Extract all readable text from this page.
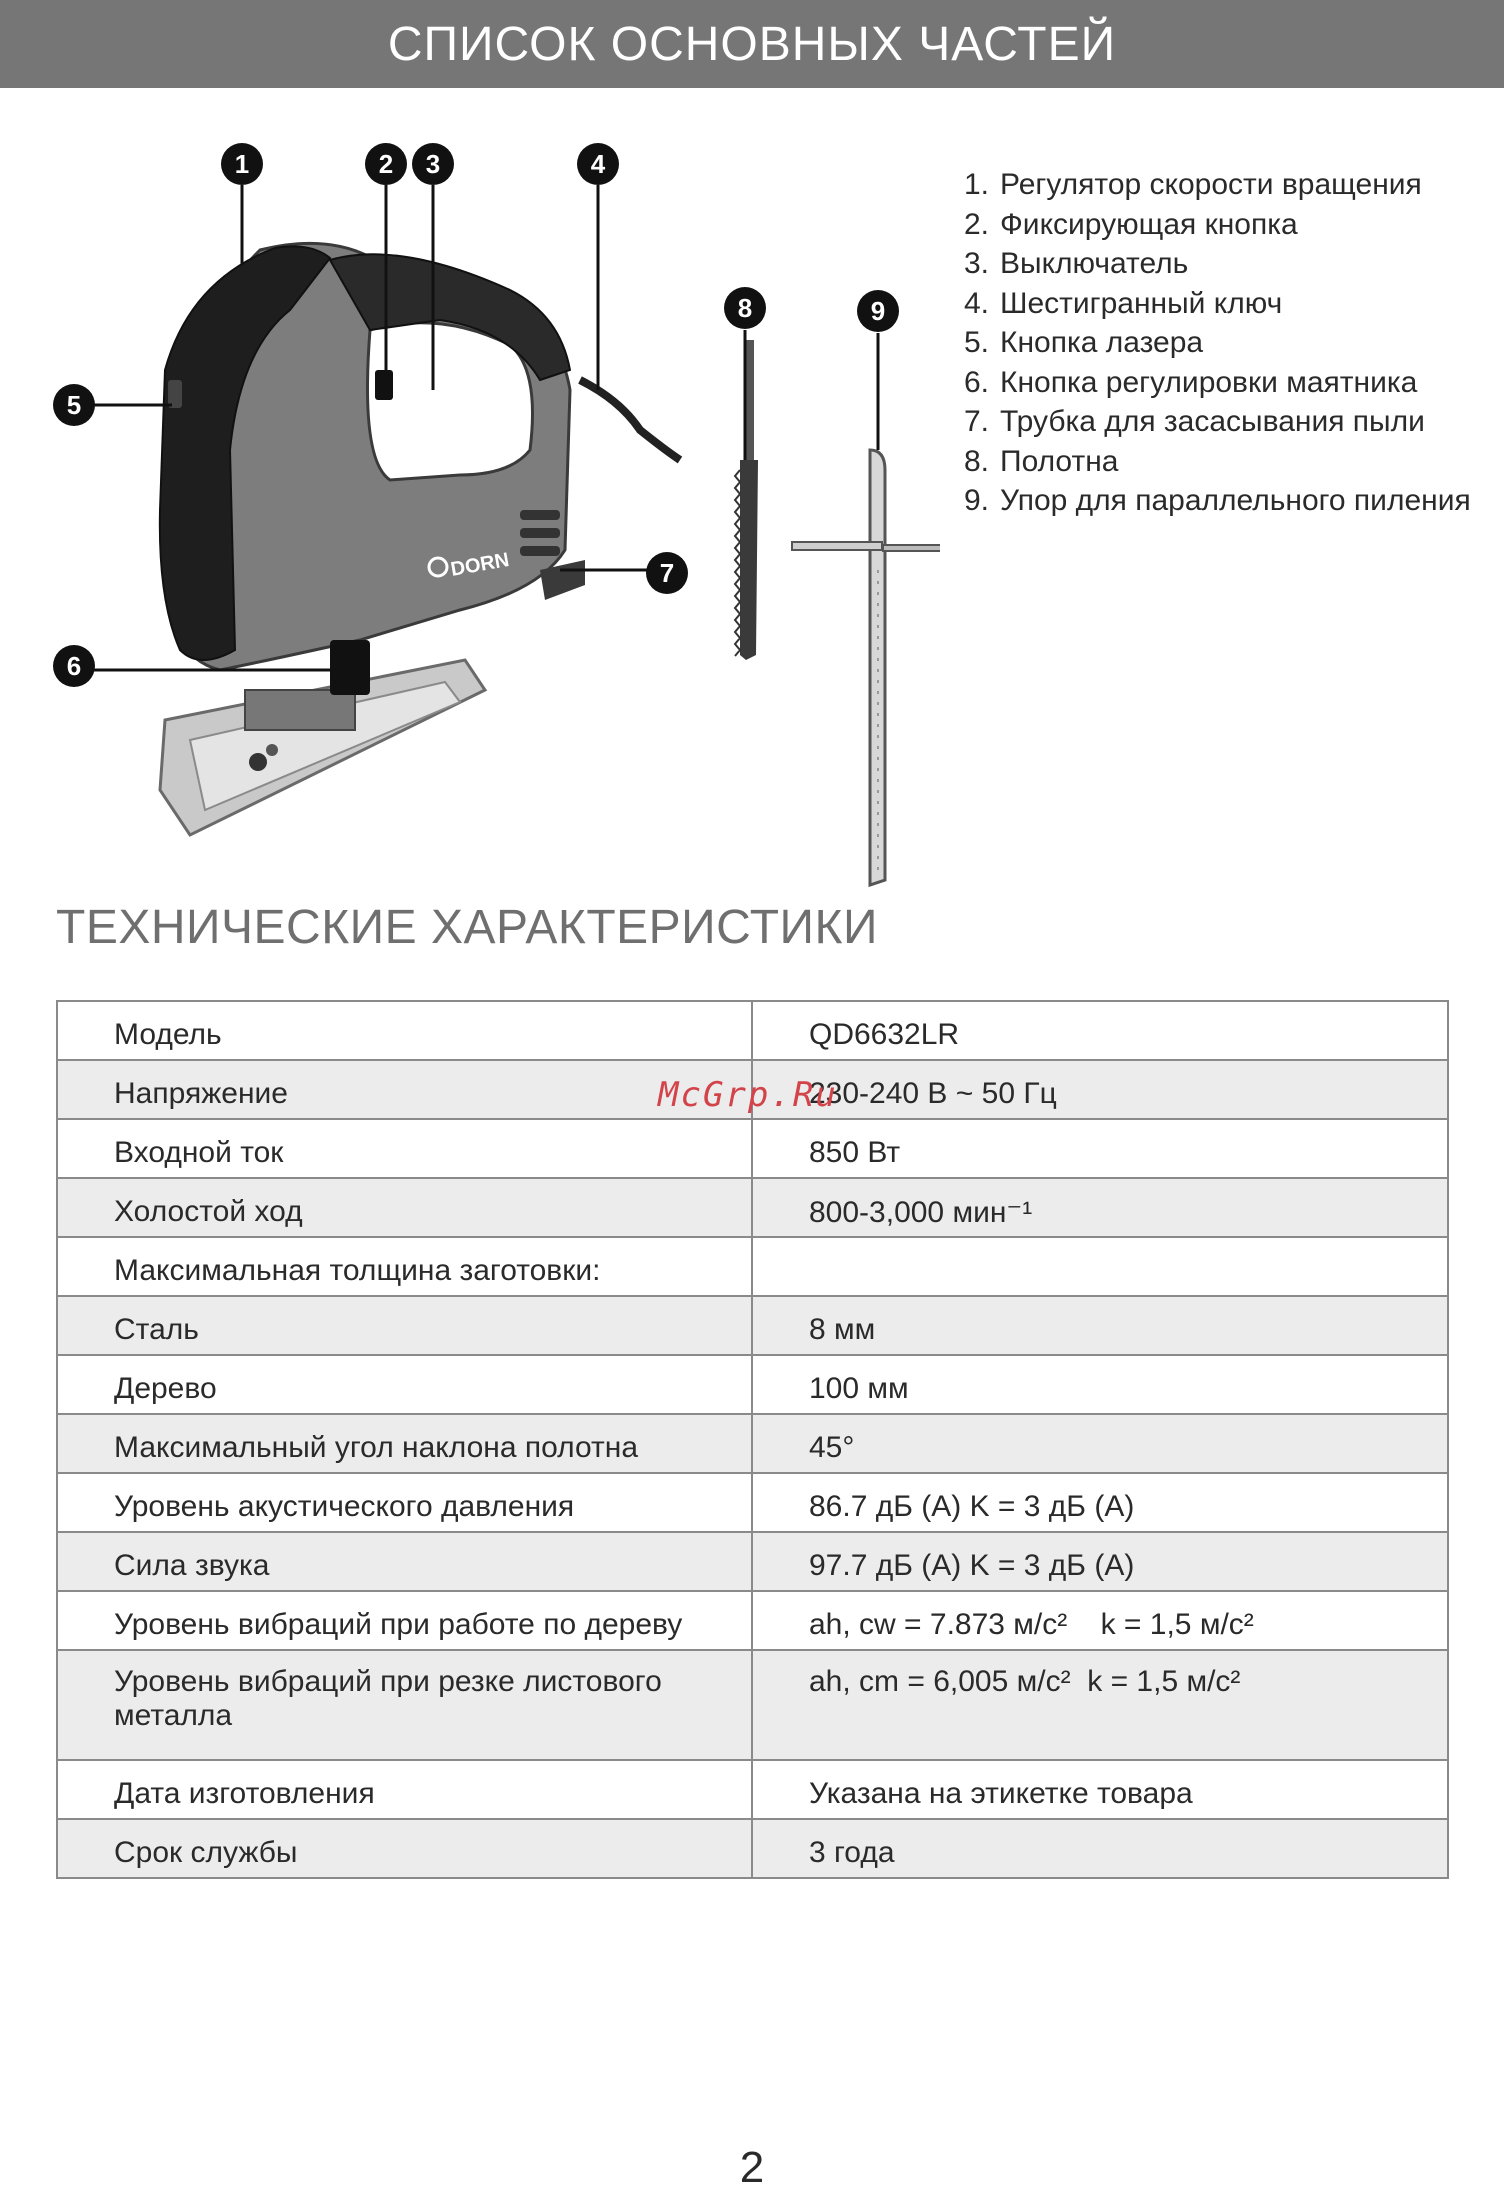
СПИСОК ОСНОВНЫХ ЧАСТЕЙ
DORN
1	2 3	4
5
6
7
8	9
1. Регулятор скорости вращения
2. Фиксирующая кнопка
3. Выключатель
4. Шестигранный ключ
5. Кнопка лазера
6. Кнопка регулировки маятника
7. Трубка для засасывания пыли
8. Полотна
9. Упор для параллельного пиления
ТЕХНИЧЕСКИЕ ХАРАКТЕРИСТИКИ
Модель	QD6632LR
Напряжение	230-240 В ~ 50 Гц
Входной ток	850 Вт
Холостой ход	800-3,000 мин⁻¹
Максимальная толщина заготовки:	
Сталь	8 мм
Дерево	100 мм
Максимальный угол наклона полотна	45°
Уровень акустического давления	86.7 дБ (A) K = 3 дБ (A)
Сила звука	97.7 дБ (A) K = 3 дБ (A)
Уровень вибраций при работе по дереву	ah, cw = 7.873 м/с²    k = 1,5 м/с²
Уровень вибраций при резке листового металла	ah, cm = 6,005 м/с²  k = 1,5 м/с²
Дата изготовления	Указана на этикетке товара
Срок службы	3 года
McGrp.Ru
2
